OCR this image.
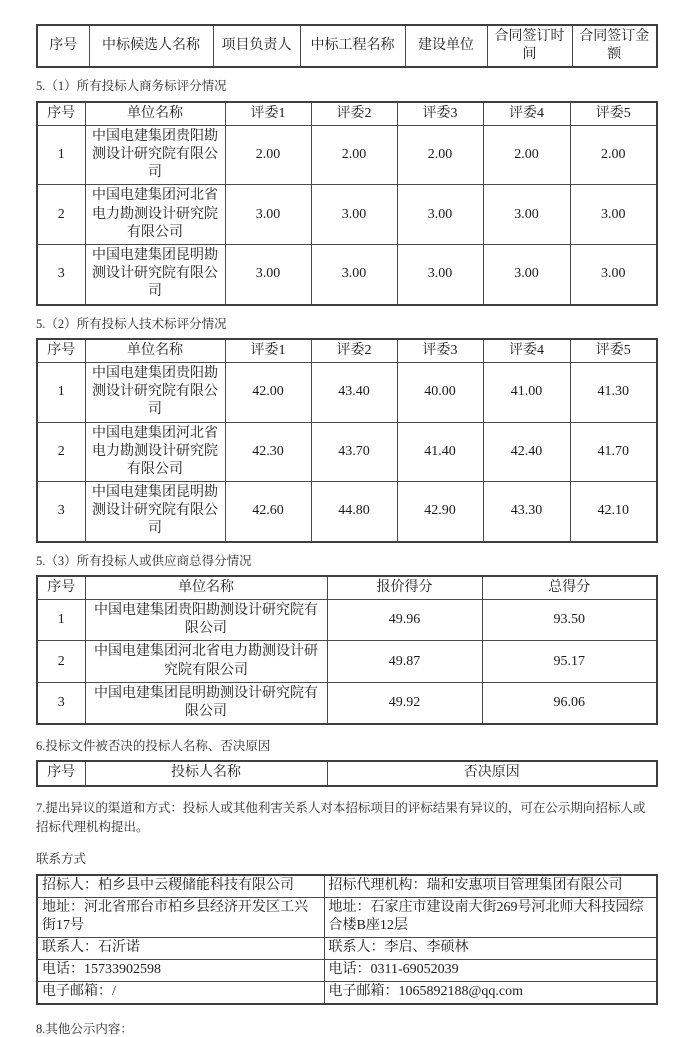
序号	中标候选人名称	项目负责人	中标工程名称	建设单位	合同签订时间	合同签订金额
5.（1）所有投标人商务标评分情况
序号	单位名称	评委1	评委2	评委3	评委4	评委5
1	中国电建集团贵阳勘测设计研究院有限公司	2.00	2.00	2.00	2.00	2.00
2	中国电建集团河北省电力勘测设计研究院有限公司	3.00	3.00	3.00	3.00	3.00
3	中国电建集团昆明勘测设计研究院有限公司	3.00	3.00	3.00	3.00	3.00
5.（2）所有投标人技术标评分情况
序号	单位名称	评委1	评委2	评委3	评委4	评委5
1	中国电建集团贵阳勘测设计研究院有限公司	42.00	43.40	40.00	41.00	41.30
2	中国电建集团河北省电力勘测设计研究院有限公司	42.30	43.70	41.40	42.40	41.70
3	中国电建集团昆明勘测设计研究院有限公司	42.60	44.80	42.90	43.30	42.10
5.（3）所有投标人或供应商总得分情况
序号	单位名称	报价得分	总得分
1	中国电建集团贵阳勘测设计研究院有限公司	49.96	93.50
2	中国电建集团河北省电力勘测设计研究院有限公司	49.87	95.17
3	中国电建集团昆明勘测设计研究院有限公司	49.92	96.06
6.投标文件被否决的投标人名称、否决原因
序号	投标人名称	否决原因

7.提出异议的渠道和方式：投标人或其他利害关系人对本招标项目的评标结果有异议的，可在公示期向招标人或招标代理机构提出。

联系方式
招标人：柏乡县中云稷储能科技有限公司	招标代理机构：瑞和安惠项目管理集团有限公司
地址：河北省邢台市柏乡县经济开发区工兴街17号	地址：石家庄市建设南大街269号河北师大科技园综合楼B座12层
联系人：石沂诺	联系人：李启、李硕林
电话：15733902598	电话：0311-69052039
电子邮箱：/	电子邮箱：1065892188@qq.com
8.其他公示内容：
